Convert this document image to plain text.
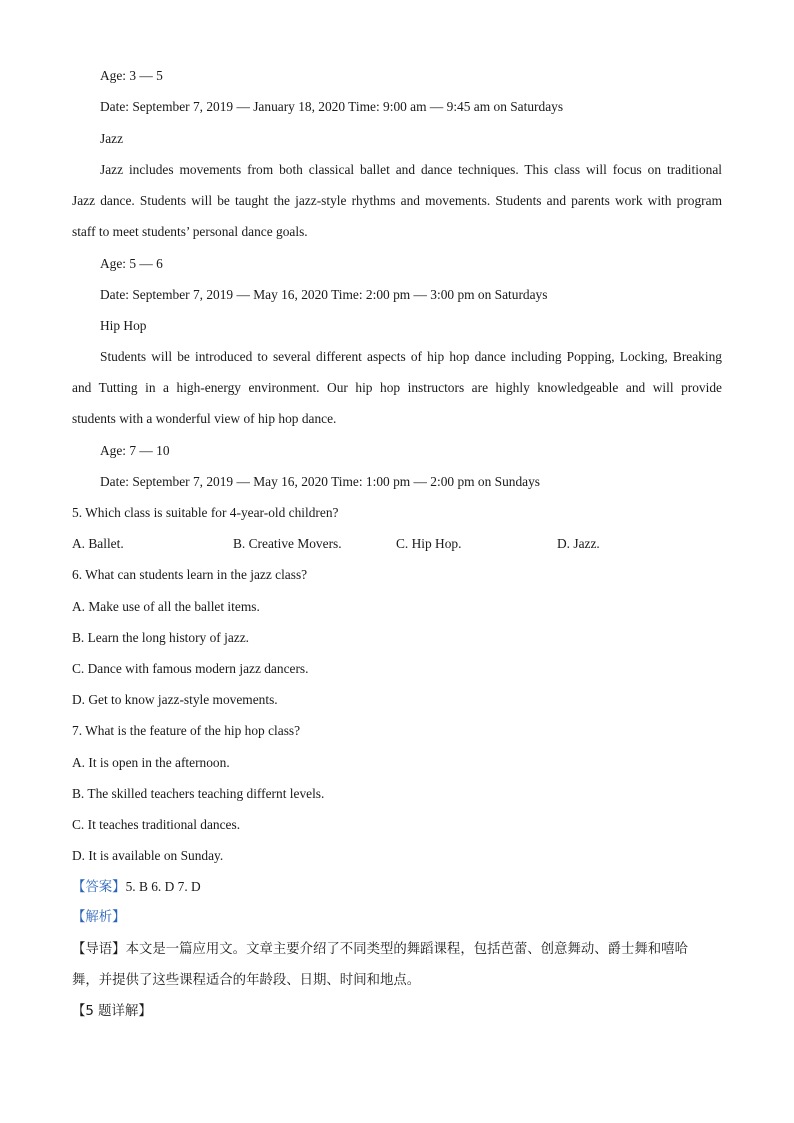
Age: 3 — 5
Date: September 7, 2019 — January 18, 2020 Time: 9:00 am — 9:45 am on Saturdays
Jazz
Jazz includes movements from both classical ballet and dance techniques. This class will focus on traditional
Jazz dance. Students will be taught the jazz-style rhythms and movements. Students and parents work with program
staff to meet students’ personal dance goals.
Age: 5 — 6
Date: September 7, 2019 — May 16, 2020 Time: 2:00 pm — 3:00 pm on Saturdays
Hip Hop
Students will be introduced to several different aspects of hip hop dance including Popping, Locking, Breaking
and Tutting in a high-energy environment. Our hip hop instructors are highly knowledgeable and will provide
students with a wonderful view of hip hop dance.
Age: 7 — 10
Date: September 7, 2019 — May 16, 2020 Time: 1:00 pm — 2:00 pm on Sundays
5. Which class is suitable for 4-year-old children?
A. Ballet.	B. Creative Movers.	C. Hip Hop.	D. Jazz.
6. What can students learn in the jazz class?
A. Make use of all the ballet items.
B. Learn the long history of jazz.
C. Dance with famous modern jazz dancers.
D. Get to know jazz-style movements.
7. What is the feature of the hip hop class?
A. It is open in the afternoon.
B. The skilled teachers teaching differnt levels.
C. It teaches traditional dances.
D. It is available on Sunday.
【答案】5. B 6. D 7. D
【解析】
【导语】本文是一篇应用文。文章主要介绍了不同类型的舞蹈课程，包括芭蕾、创意舞动、爵士舞和嘻哈
舞，并提供了这些课程适合的年龄段、日期、时间和地点。
【5 题详解】
